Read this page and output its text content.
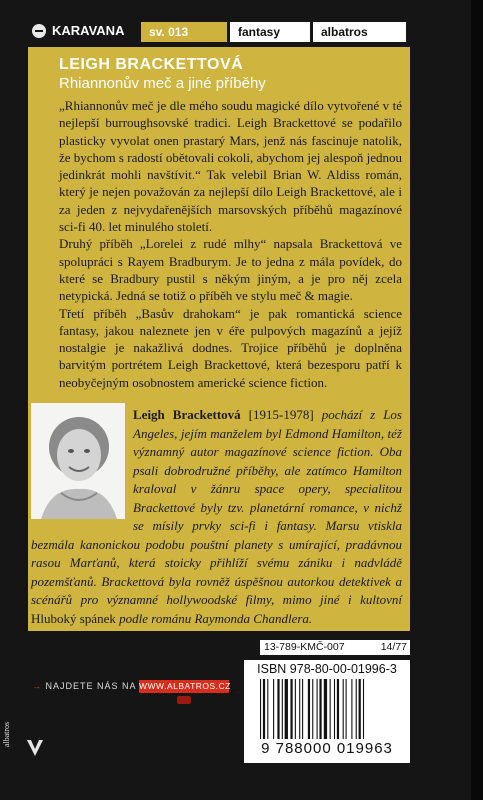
KARAVANA	sv. 013	fantasy	albatros
LEIGH BRACKETTOVÁ
Rhiannonův meč a jiné příběhy

„Rhiannonův meč je dle mého soudu magické dílo vytvořené v té nejlepší burroughsovské tradici. Leigh Brackettové se podařilo plasticky vyvolat onen prastarý Mars, jenž nás fascinuje natolik, že bychom s radostí obětovali cokoli, abychom jej alespoň jednou jedinkrát mohli navštívit.“ Tak velebil Brian W. Aldiss román, který je nejen považován za nejlepší dílo Leigh Brackettové, ale i za jeden z nejvydařenějších marsovských příběhů magazínové sci-fi 40. let minulého století.

Druhý příběh „Lorelei z rudé mlhy“ napsala Brackettová ve spolupráci s Rayem Bradburym. Je to jedna z mála povídek, do které se Bradbury pustil s někým jiným, a je pro něj zcela netypická. Jedná se totiž o příběh ve stylu meč & magie.

Třetí příběh „Basův drahokam“ je pak romantická science fantasy, jakou naleznete jen v éře pulpových magazínů a jejíž nostalgie je nakažlivá dodnes. Trojice příběhů je doplněna barvitým portrétem Leigh Brackettové, která bezesporu patří k neobyčejným osobnostem americké science fiction.

Leigh Brackettová [1915-1978] pochází z Los Angeles, jejím manželem byl Edmond Hamilton, též významný autor magazínové science fiction. Oba psali dobrodružné příběhy, ale zatímco Hamilton kraloval v žánru space opery, specialitou Brackettové byly tzv. planetární romance, v nichž se mísily prvky sci-fi i fantasy. Marsu vtiskla bezmála kanonickou podobu pouštní planety s umírající, pradávnou rasou Marťanů, která stoicky přihlíží svému zániku i nadvládě pozemšťanů. Brackettová byla rovněž úspěšnou autorkou detektivek a scénářů pro významné hollywoodské filmy, mimo jiné i kultovní Hluboký spánek podle románu Raymonda Chandlera.
13-789-KMČ-007	14/77
ISBN 978-80-00-01996-3
9 788000 019963
→ NAJDETE NÁS NA WWW.ALBATROS.CZ
albatros
